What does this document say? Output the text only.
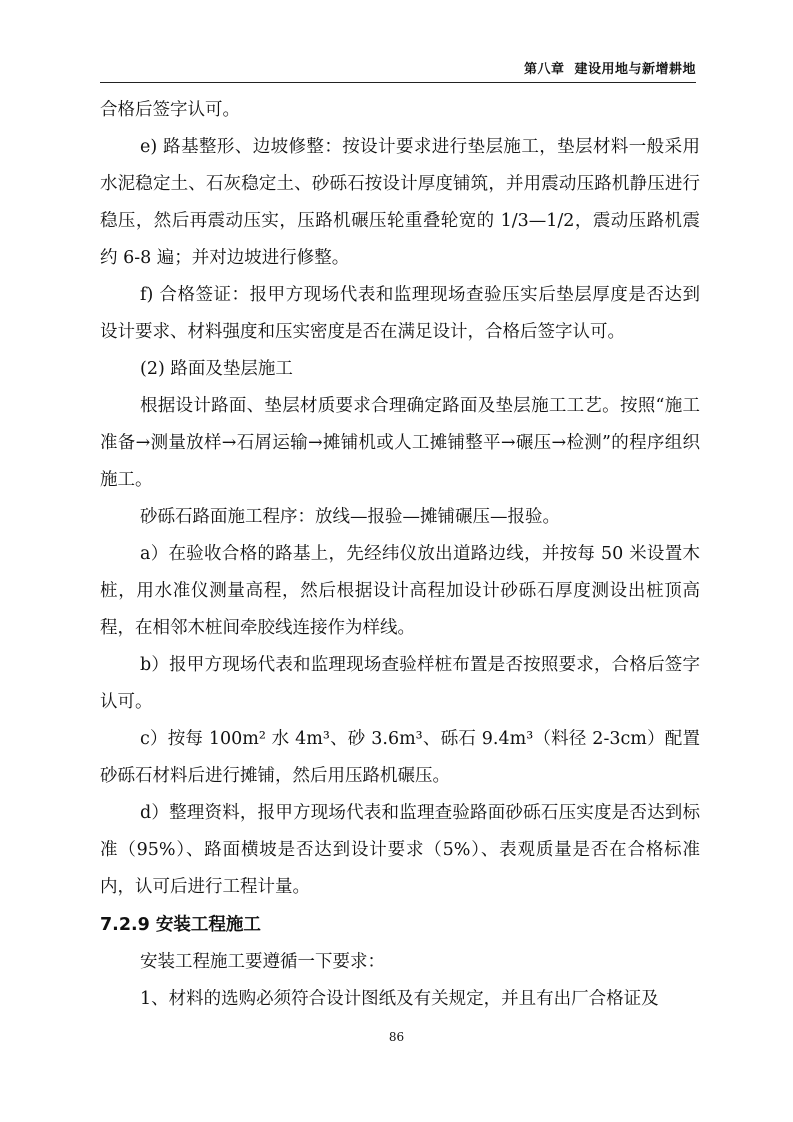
第八章 建设用地与新增耕地

合格后签字认可。

e) 路基整形、边坡修整：按设计要求进行垫层施工，垫层材料一般采用水泥稳定土、石灰稳定土、砂砾石按设计厚度铺筑，并用震动压路机静压进行稳压，然后再震动压实，压路机碾压轮重叠轮宽的 1/3—1/2，震动压路机震约 6-8 遍；并对边坡进行修整。

f) 合格签证：报甲方现场代表和监理现场查验压实后垫层厚度是否达到设计要求、材料强度和压实密度是否在满足设计，合格后签字认可。

(2) 路面及垫层施工

根据设计路面、垫层材质要求合理确定路面及垫层施工工艺。按照“施工准备→测量放样→石屑运输→摊铺机或人工摊铺整平→碾压→检测”的程序组织施工。

砂砾石路面施工程序：放线—报验—摊铺碾压—报验。

a）在验收合格的路基上，先经纬仪放出道路边线，并按每 50 米设置木桩，用水准仪测量高程，然后根据设计高程加设计砂砾石厚度测设出桩顶高程，在相邻木桩间牵胶线连接作为样线。

b）报甲方现场代表和监理现场查验样桩布置是否按照要求，合格后签字认可。

c）按每 100m² 水 4m³、砂 3.6m³、砾石 9.4m³（料径 2-3cm）配置砂砾石材料后进行摊铺，然后用压路机碾压。

d）整理资料，报甲方现场代表和监理查验路面砂砾石压实度是否达到标准（95%）、路面横坡是否达到设计要求（5%）、表观质量是否在合格标准内，认可后进行工程计量。

7.2.9 安装工程施工

安装工程施工要遵循一下要求：

1、材料的选购必须符合设计图纸及有关规定，并且有出厂合格证及

86
